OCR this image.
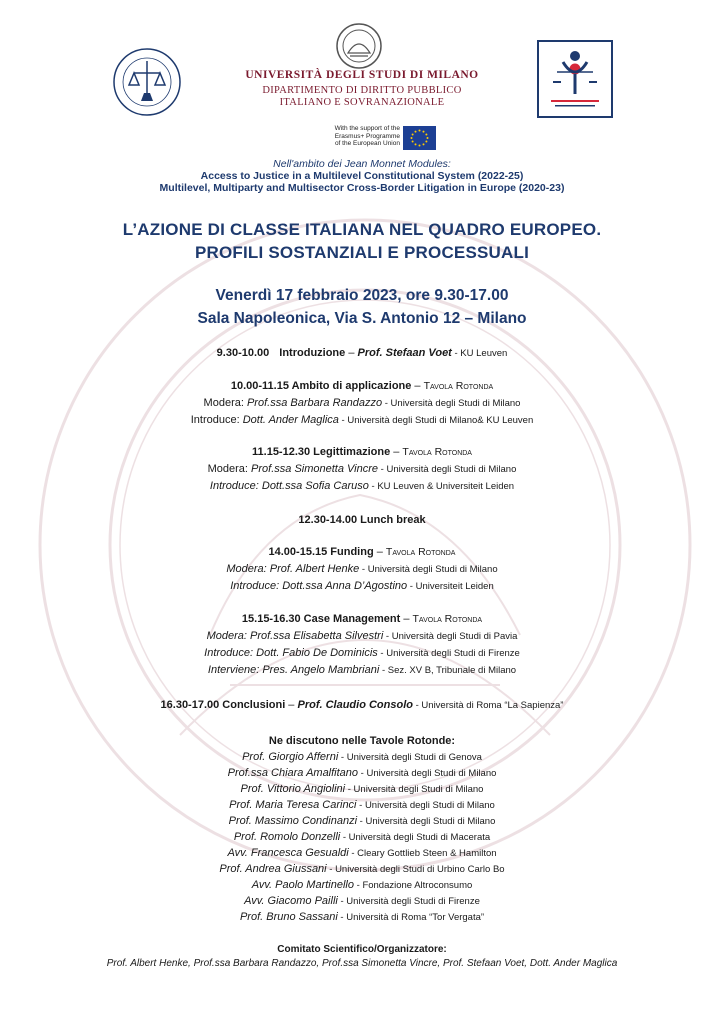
UNIVERSITÀ DEGLI STUDI DI MILANO
DIPARTIMENTO DI DIRITTO PUBBLICO
ITALIANO E SOVRANAZIONALE
With the support of the
Erasmus+ Programme
of the European Union
Nell'ambito dei Jean Monnet Modules:
Access to Justice in a Multilevel Constitutional System (2022-25)
Multilevel, Multiparty and Multisector Cross-Border Litigation in Europe (2020-23)
L’AZIONE DI CLASSE ITALIANA NEL QUADRO EUROPEO.
PROFILI SOSTANZIALI E PROCESSUALI
Venerdì 17 febbraio 2023, ore 9.30-17.00
Sala Napoleonica, Via S. Antonio 12 – Milano
9.30-10.00 Introduzione – Prof. Stefaan Voet - KU Leuven
10.00-11.15 Ambito di applicazione – Tavola Rotonda
Modera: Prof.ssa Barbara Randazzo - Università degli Studi di Milano
Introduce: Dott. Ander Maglica - Università degli Studi di Milano& KU Leuven
11.15-12.30 Legittimazione – Tavola Rotonda
Modera: Prof.ssa Simonetta Vincre - Università degli Studi di Milano
Introduce: Dott.ssa Sofia Caruso - KU Leuven & Universiteit Leiden
12.30-14.00 Lunch break
14.00-15.15 Funding – Tavola Rotonda
Modera: Prof. Albert Henke - Università degli Studi di Milano
Introduce: Dott.ssa Anna D’Agostino - Universiteit Leiden
15.15-16.30 Case Management – Tavola Rotonda
Modera: Prof.ssa Elisabetta Silvestri - Università degli Studi di Pavia
Introduce: Dott. Fabio De Dominicis - Università degli Studi di Firenze
Interviene: Pres. Angelo Mambriani - Sez. XV B, Tribunale di Milano
16.30-17.00 Conclusioni – Prof. Claudio Consolo - Università di Roma “La Sapienza”
Ne discutono nelle Tavole Rotonde:
Prof. Giorgio Afferni - Università degli Studi di Genova
Prof.ssa Chiara Amalfitano - Università degli Studi di Milano
Prof. Vittorio Angiolini - Università degli Studi di Milano
Prof. Maria Teresa Carinci - Università degli Studi di Milano
Prof. Massimo Condinanzi - Università degli Studi di Milano
Prof. Romolo Donzelli - Università degli Studi di Macerata
Avv. Francesca Gesualdi - Cleary Gottlieb Steen & Hamilton
Prof. Andrea Giussani - Università degli Studi di Urbino Carlo Bo
Avv. Paolo Martinello - Fondazione Altroconsumo
Avv. Giacomo Pailli - Università degli Studi di Firenze
Prof. Bruno Sassani - Università di Roma “Tor Vergata”
Comitato Scientifico/Organizzatore:
Prof. Albert Henke, Prof.ssa Barbara Randazzo, Prof.ssa Simonetta Vincre, Prof. Stefaan Voet, Dott. Ander Maglica
